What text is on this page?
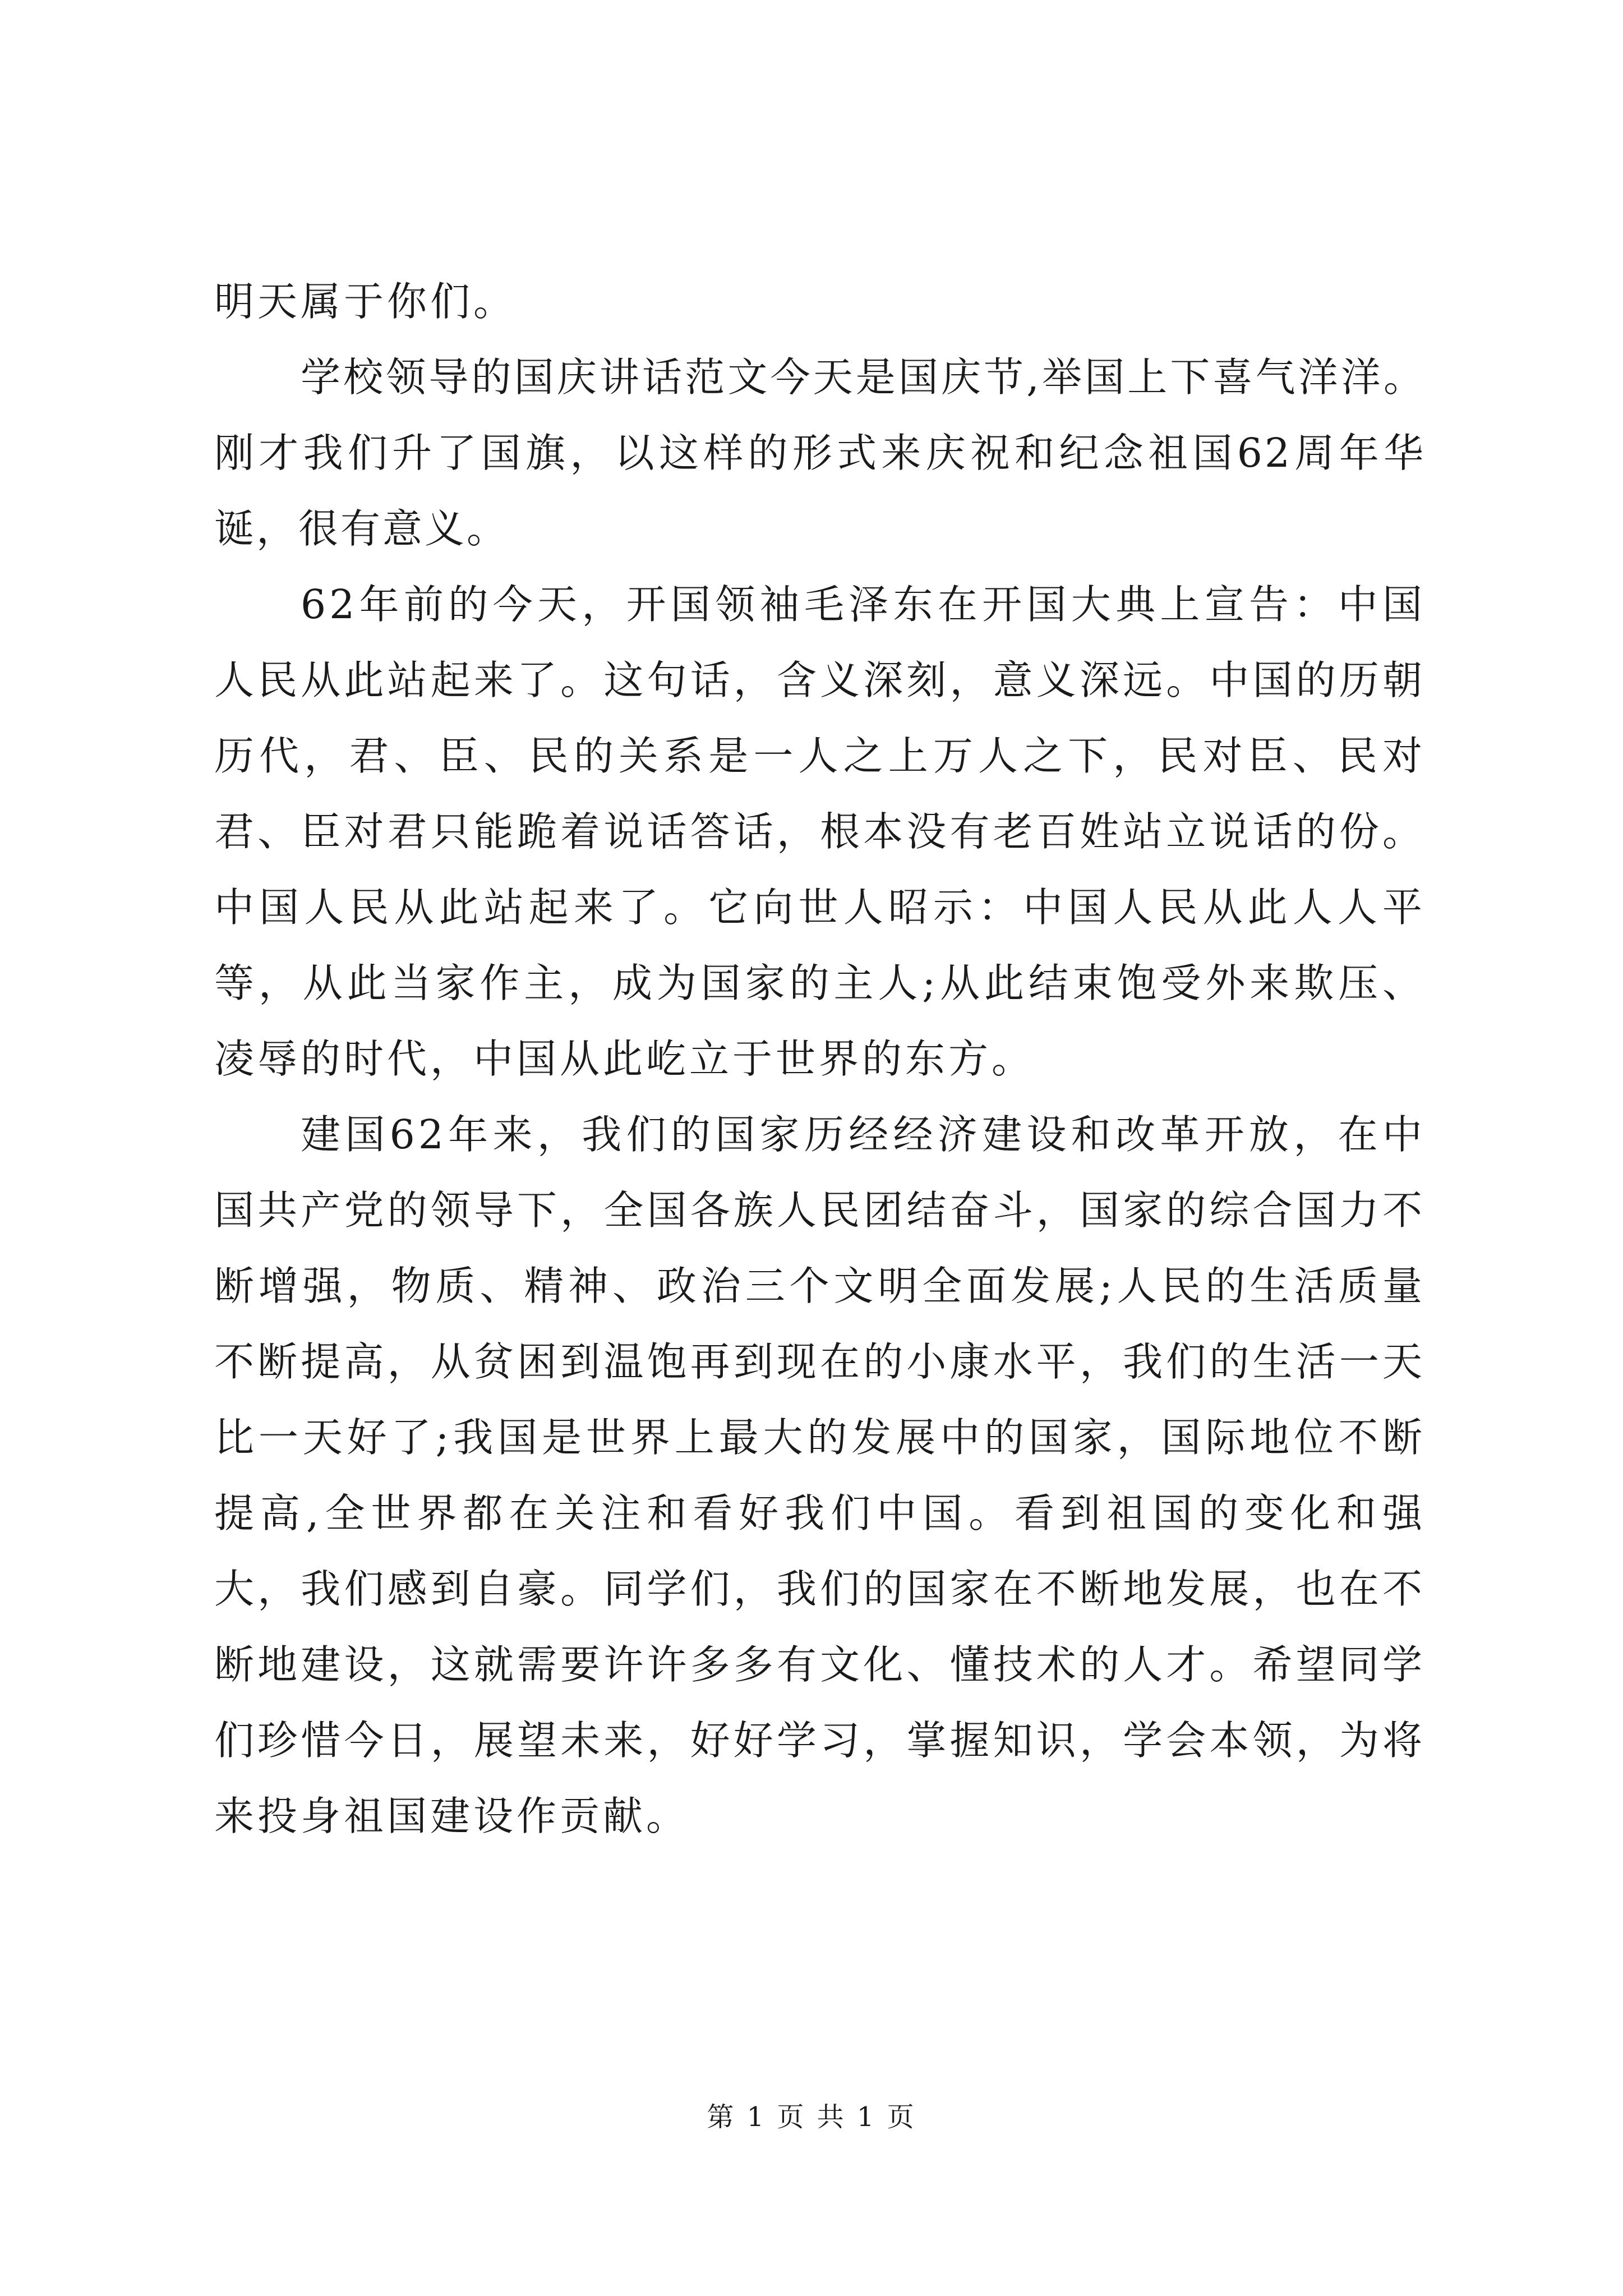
明天属于你们。

学校领导的国庆讲话范文今天是国庆节,举国上下喜气洋洋。刚才我们升了国旗，以这样的形式来庆祝和纪念祖国62周年华诞，很有意义。

62年前的今天，开国领袖毛泽东在开国大典上宣告：中国人民从此站起来了。这句话，含义深刻，意义深远。中国的历朝历代，君、臣、民的关系是一人之上万人之下，民对臣、民对君、臣对君只能跪着说话答话，根本没有老百姓站立说话的份。中国人民从此站起来了。它向世人昭示：中国人民从此人人平等，从此当家作主，成为国家的主人;从此结束饱受外来欺压、凌辱的时代，中国从此屹立于世界的东方。

建国62年来，我们的国家历经经济建设和改革开放，在中国共产党的领导下，全国各族人民团结奋斗，国家的综合国力不断增强，物质、精神、政治三个文明全面发展;人民的生活质量不断提高，从贫困到温饱再到现在的小康水平，我们的生活一天比一天好了;我国是世界上最大的发展中的国家，国际地位不断提高,全世界都在关注和看好我们中国。看到祖国的变化和强大，我们感到自豪。同学们，我们的国家在不断地发展，也在不断地建设，这就需要许许多多有文化、懂技术的人才。希望同学们珍惜今日，展望未来，好好学习，掌握知识，学会本领，为将来投身祖国建设作贡献。

第 1 页 共 1 页
